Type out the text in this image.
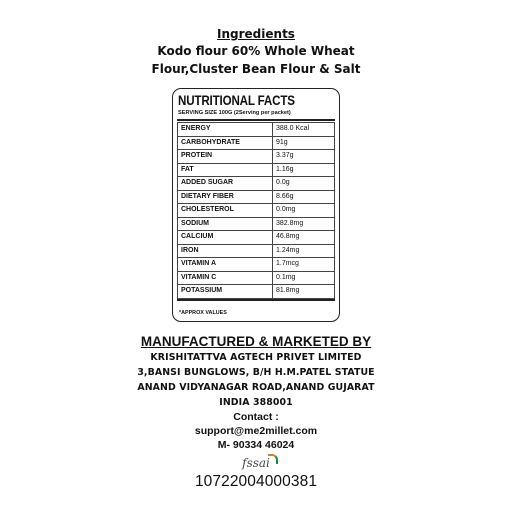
Ingredients
Kodo flour 60% Whole Wheat
Flour,Cluster Bean Flour & Salt
NUTRITIONAL FACTS
SERVING SIZE 100G (2Serving per packet)
ENERGY	388.0 Kcal
CARBOHYDRATE	91g
PROTEIN	3.37g
FAT	1.16g
ADDED SUGAR	0.0g
DIETARY FIBER	8.66g
CHOLESTEROL	0.0mg
SODIUM	382.8mg
CALCIUM	46.8mg
IRON	1.24mg
VITAMIN A	1.7mcg
VITAMIN C	0.1mg
POTASSIUM	81.8mg
*APPROX VALUES
MANUFACTURED & MARKETED BY
KRISHITATTVA AGTECH PRIVET LIMITED
3,BANSI BUNGLOWS, B/H H.M.PATEL STATUE
ANAND VIDYANAGAR ROAD,ANAND GUJARAT
INDIA 388001
Contact :
support@me2millet.com
M- 90334 46024
fssai
10722004000381
